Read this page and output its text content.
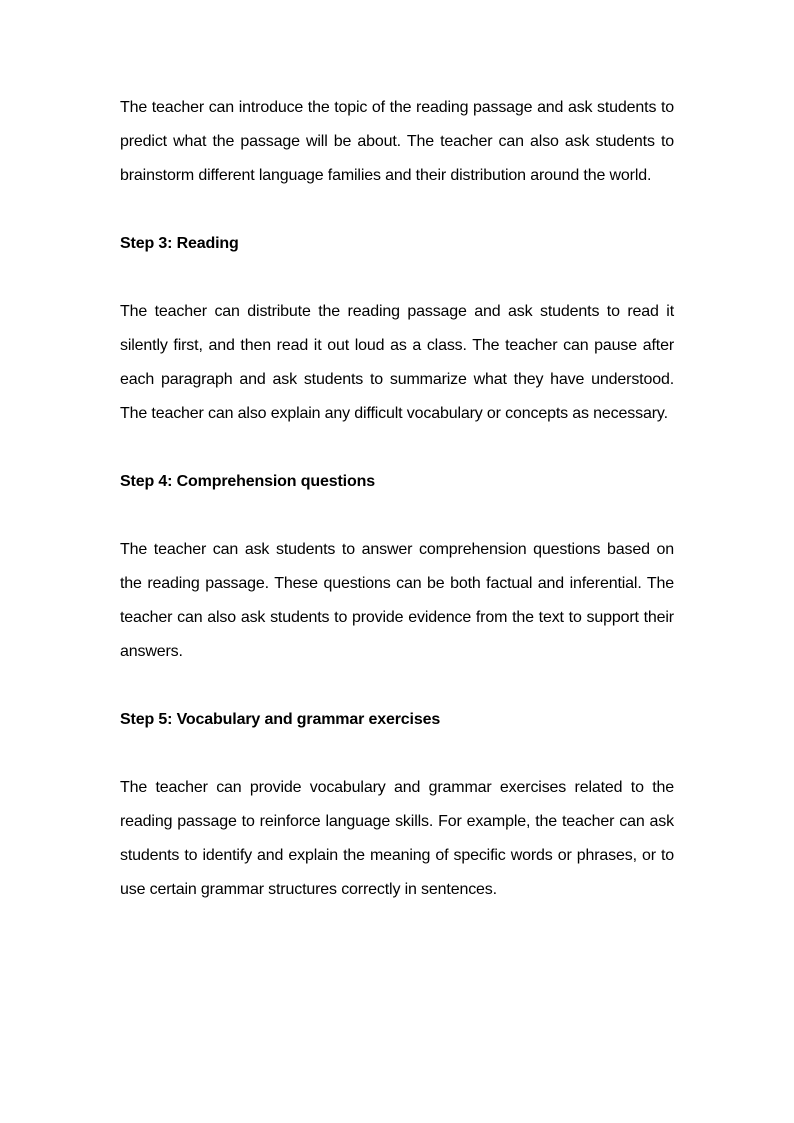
The teacher can introduce the topic of the reading passage and ask students to predict what the passage will be about. The teacher can also ask students to brainstorm different language families and their distribution around the world.

Step 3: Reading

The teacher can distribute the reading passage and ask students to read it silently first, and then read it out loud as a class. The teacher can pause after each paragraph and ask students to summarize what they have understood. The teacher can also explain any difficult vocabulary or concepts as necessary.

Step 4: Comprehension questions

The teacher can ask students to answer comprehension questions based on the reading passage. These questions can be both factual and inferential. The teacher can also ask students to provide evidence from the text to support their answers.

Step 5: Vocabulary and grammar exercises

The teacher can provide vocabulary and grammar exercises related to the reading passage to reinforce language skills. For example, the teacher can ask students to identify and explain the meaning of specific words or phrases, or to use certain grammar structures correctly in sentences.
